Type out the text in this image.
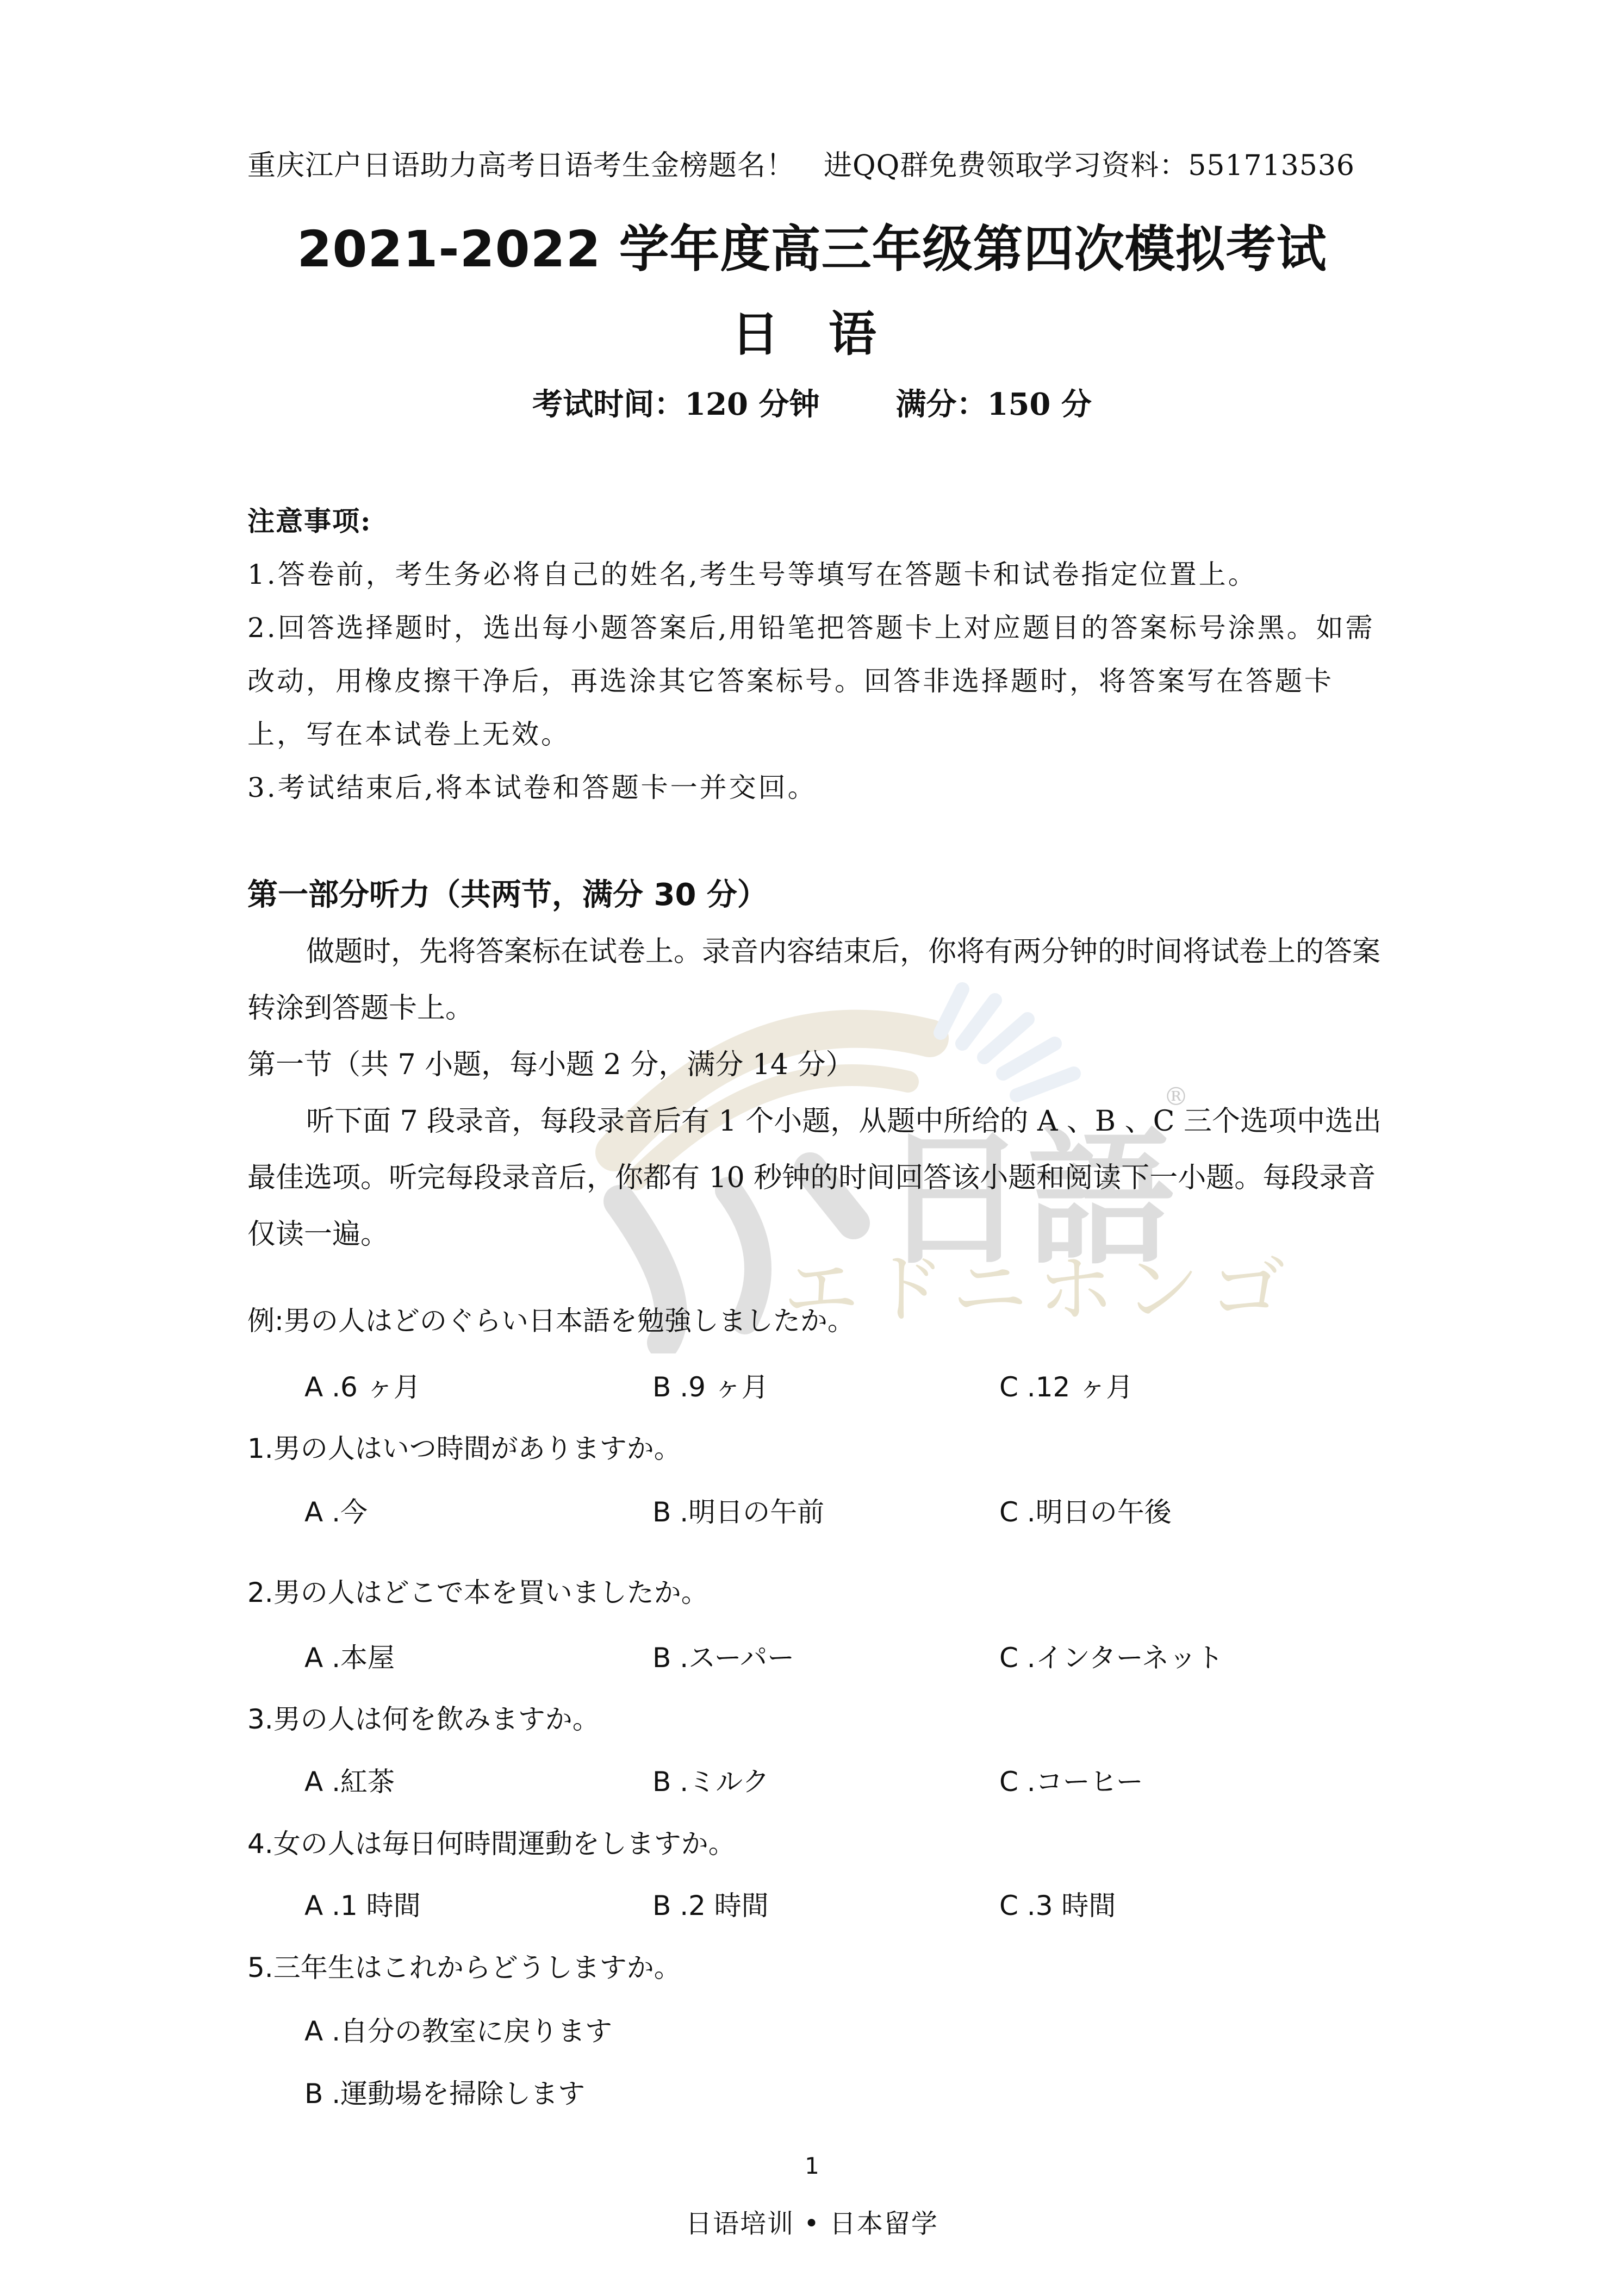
日語
エドニホンゴ
®
重庆江户日语助力高考日语考生金榜题名！　进QQ群免费领取学习资料：551713536
2021-2022 学年度高三年级第四次模拟考试
日 语
考试时间：120 分钟	满分：150 分
注意事项:
1.答卷前，考生务必将自己的姓名,考生号等填写在答题卡和试卷指定位置上。
2.回答选择题时，选出每小题答案后,用铅笔把答题卡上对应题目的答案标号涂黑。如需改动，用橡皮擦干净后，再选涂其它答案标号。回答非选择题时，将答案写在答题卡上，写在本试卷上无效。
3.考试结束后,将本试卷和答题卡一并交回。
第一部分听力（共两节，满分 30 分）
做题时，先将答案标在试卷上。录音内容结束后，你将有两分钟的时间将试卷上的答案转涂到答题卡上。
第一节（共 7 小题，每小题 2 分，满分 14 分）
听下面 7 段录音，每段录音后有 1 个小题，从题中所给的 A 、B 、C 三个选项中选出最佳选项。听完每段录音后，你都有 10 秒钟的时间回答该小题和阅读下一小题。每段录音仅读一遍。
例:男の人はどのぐらい日本語を勉強しましたか。
A .6 ヶ月	B .9 ヶ月	C .12 ヶ月
1.男の人はいつ時間がありますか。
A .今	B .明日の午前	C .明日の午後
2.男の人はどこで本を買いましたか。
A .本屋	B .スーパー	C .インターネット
3.男の人は何を飲みますか。
A .紅茶	B .ミルク	C .コーヒー
4.女の人は毎日何時間運動をしますか。
A .1 時間	B .2 時間	C .3 時間
5.三年生はこれからどうしますか。
A .自分の教室に戻ります
B .運動場を掃除します
1
日语培训 • 日本留学
